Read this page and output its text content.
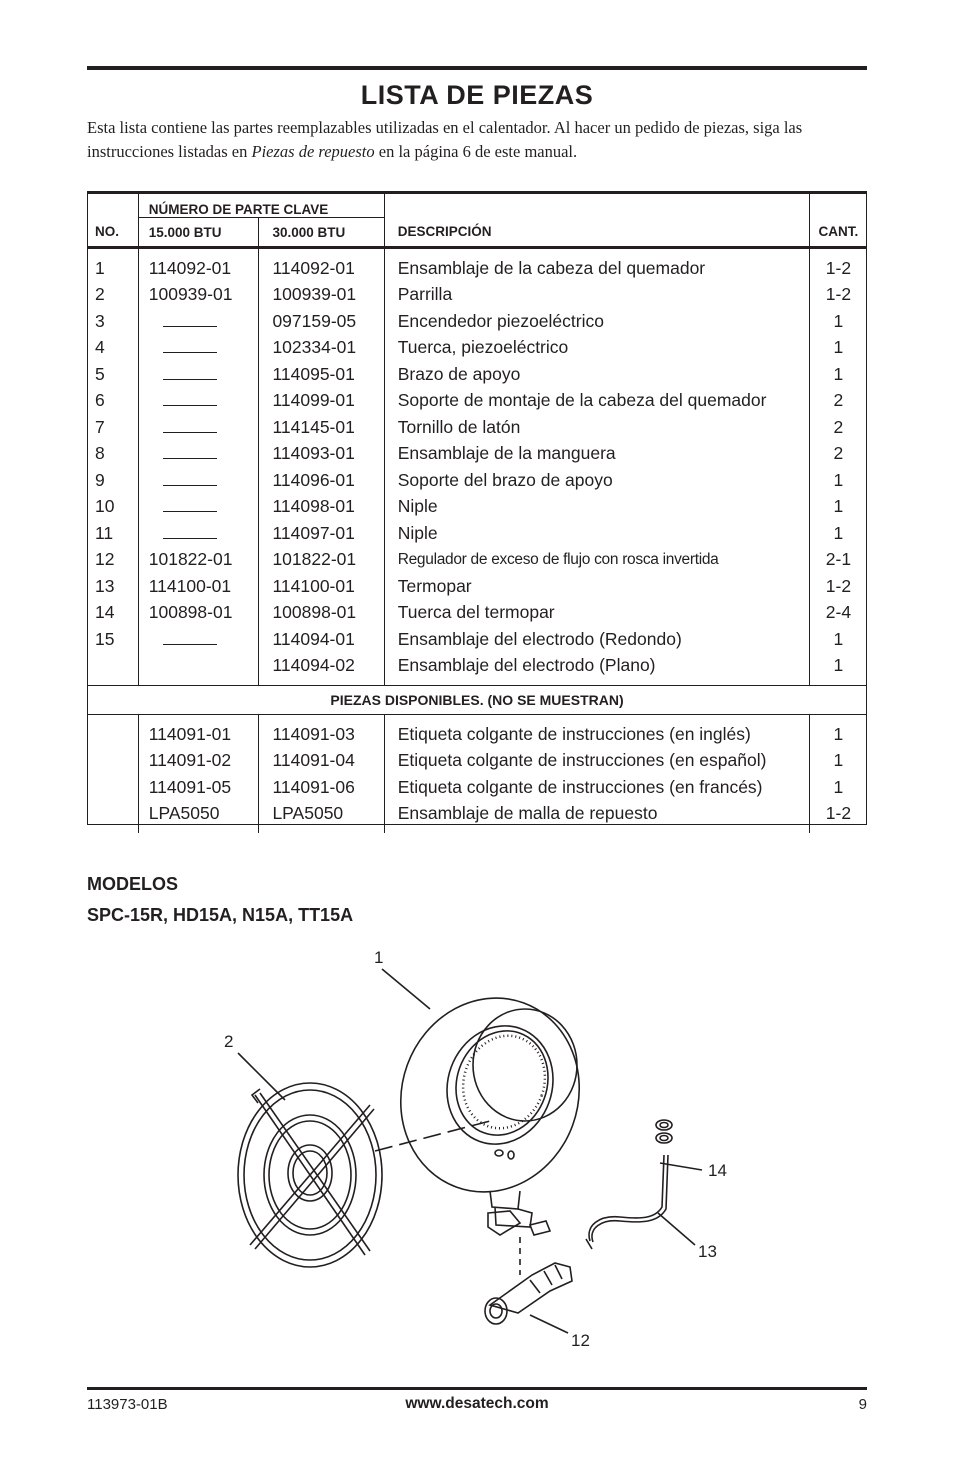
LISTA DE PIEZAS

Esta lista contiene las partes reemplazables utilizadas en el calentador. Al hacer un pedido de piezas, siga las instrucciones listadas en Piezas de repuesto en la página 6 de este manual.

	NÚMERO DE PARTE CLAVE			
NO.	15.000 BTU	30.000 BTU	DESCRIPCIÓN	CANT.
1	114092-01	114092-01	Ensamblaje de la cabeza del quemador	1-2
2	100939-01	100939-01	Parrilla	1-2
3		097159-05	Encendedor piezoeléctrico	1
4		102334-01	Tuerca, piezoeléctrico	1
5		114095-01	Brazo de apoyo	1
6		114099-01	Soporte de montaje de la cabeza del quemador	2
7		114145-01	Tornillo de latón	2
8		114093-01	Ensamblaje de la manguera	2
9		114096-01	Soporte del brazo de apoyo	1
10		114098-01	Niple	1
11		114097-01	Niple	1
12	101822-01	101822-01	Regulador de exceso de flujo con rosca invertida	2-1
13	114100-01	114100-01	Termopar	1-2
14	100898-01	100898-01	Tuerca del termopar	2-4
15		114094-01	Ensamblaje del electrodo (Redondo)	1
		114094-02	Ensamblaje del electrodo (Plano)	1
PIEZAS DISPONIBLES. (NO SE MUESTRAN)				
	114091-01	114091-03	Etiqueta colgante de instrucciones (en inglés)	1
	114091-02	114091-04	Etiqueta colgante de instrucciones (en español)	1
	114091-05	114091-06	Etiqueta colgante de instrucciones (en francés)	1
	LPA5050	LPA5050	Ensamblaje de malla de repuesto	1-2

MODELOS

SPC-15R, HD15A, N15A, TT15A

1
2
14
13
12
113973-01B	www.desatech.com	9
